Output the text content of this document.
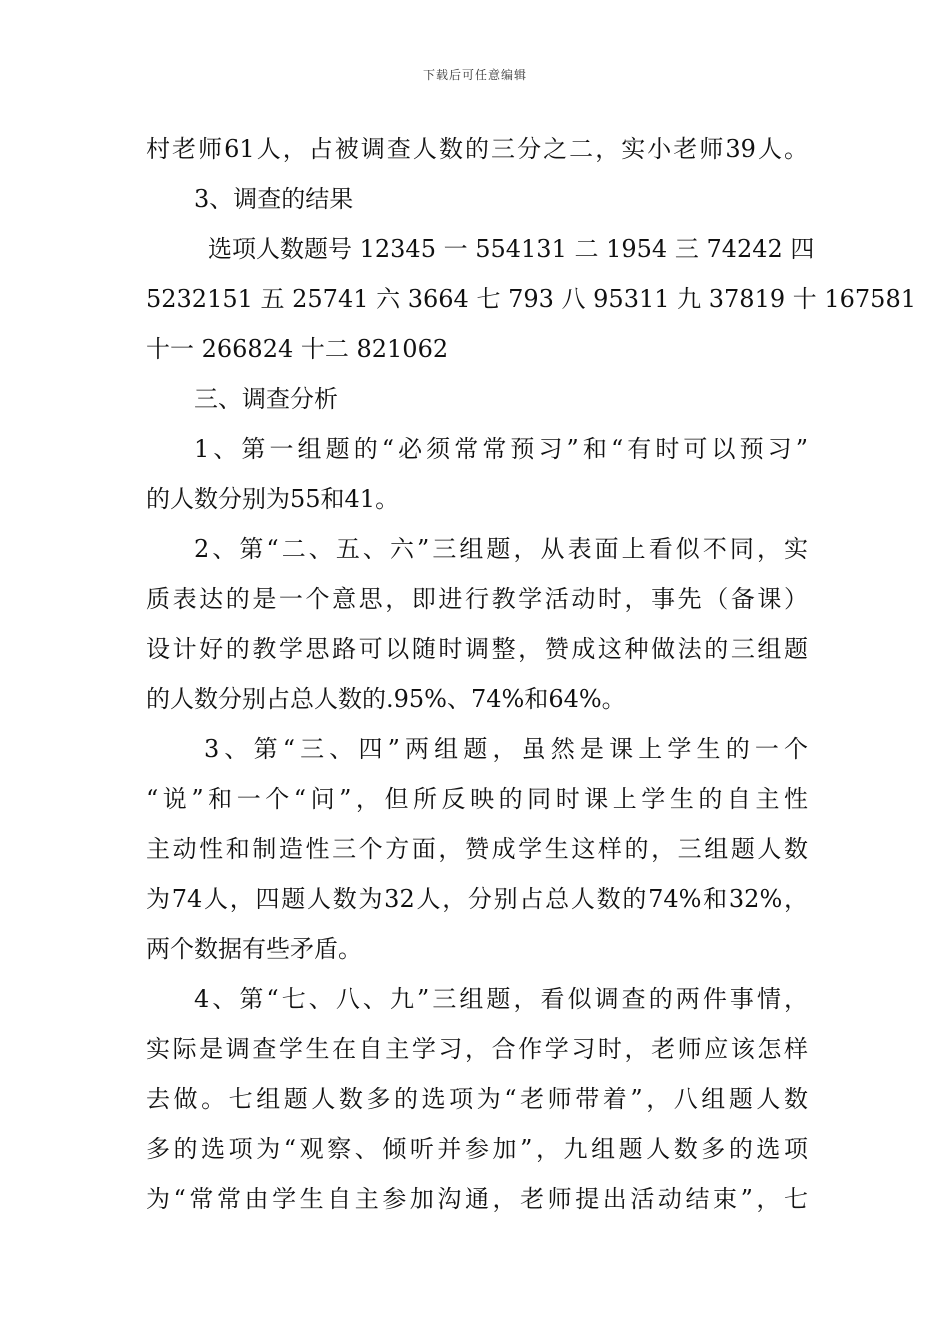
下载后可任意编辑
村老师61人，占被调查人数的三分之二，实小老师39人。
3、调查的结果
选项人数题号 12345 一 554131 二 1954 三 74242 四
5232151 五 25741 六 3664 七 793 八 95311 九 37819 十 167581
十一 266824 十二 821062
三、调查分析
1、第一组题的“必须常常预习”和“有时可以预习”
的人数分别为55和41。
2、第“二、五、六”三组题，从表面上看似不同，实
质表达的是一个意思，即进行教学活动时，事先（备课）
设计好的教学思路可以随时调整，赞成这种做法的三组题
的人数分别占总人数的.95%、74%和64%。
3、第“三、四”两组题，虽然是课上学生的一个
“说”和一个“问”，但所反映的同时课上学生的自主性
主动性和制造性三个方面，赞成学生这样的，三组题人数
为74人，四题人数为32人，分别占总人数的74%和32%，
两个数据有些矛盾。
4、第“七、八、九”三组题，看似调查的两件事情，
实际是调查学生在自主学习，合作学习时，老师应该怎样
去做。七组题人数多的选项为“老师带着”，八组题人数
多的选项为“观察、倾听并参加”，九组题人数多的选项
为“常常由学生自主参加沟通，老师提出活动结束”，七
